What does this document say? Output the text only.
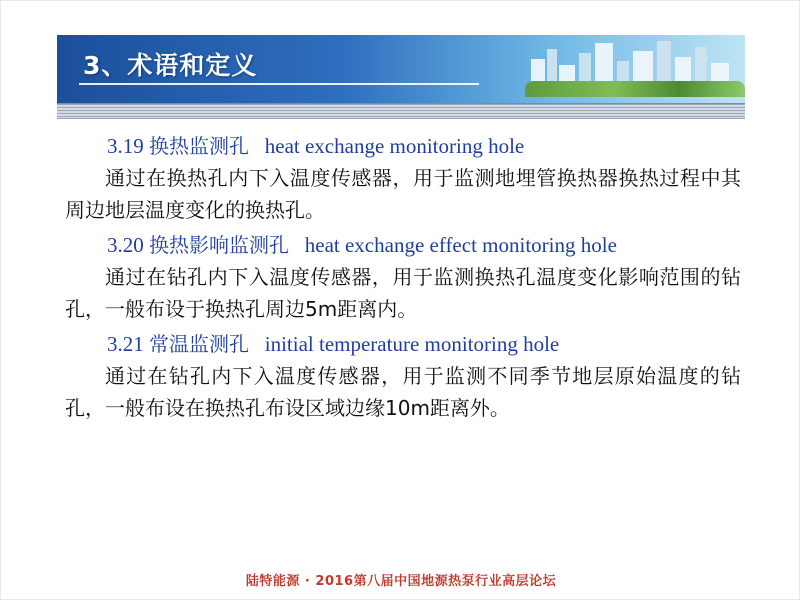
3、术语和定义

3.19 换热监测孔 heat exchange monitoring hole
通过在换热孔内下入温度传感器，用于监测地埋管换热器换热过程中其周边地层温度变化的换热孔。

3.20 换热影响监测孔 heat exchange effect monitoring hole
通过在钻孔内下入温度传感器，用于监测换热孔温度变化影响范围的钻孔，一般布设于换热孔周边5m距离内。

3.21 常温监测孔 initial temperature monitoring hole
通过在钻孔内下入温度传感器，用于监测不同季节地层原始温度的钻孔，一般布设在换热孔布设区域边缘10m距离外。

陆特能源 · 2016第八届中国地源热泵行业高层论坛
